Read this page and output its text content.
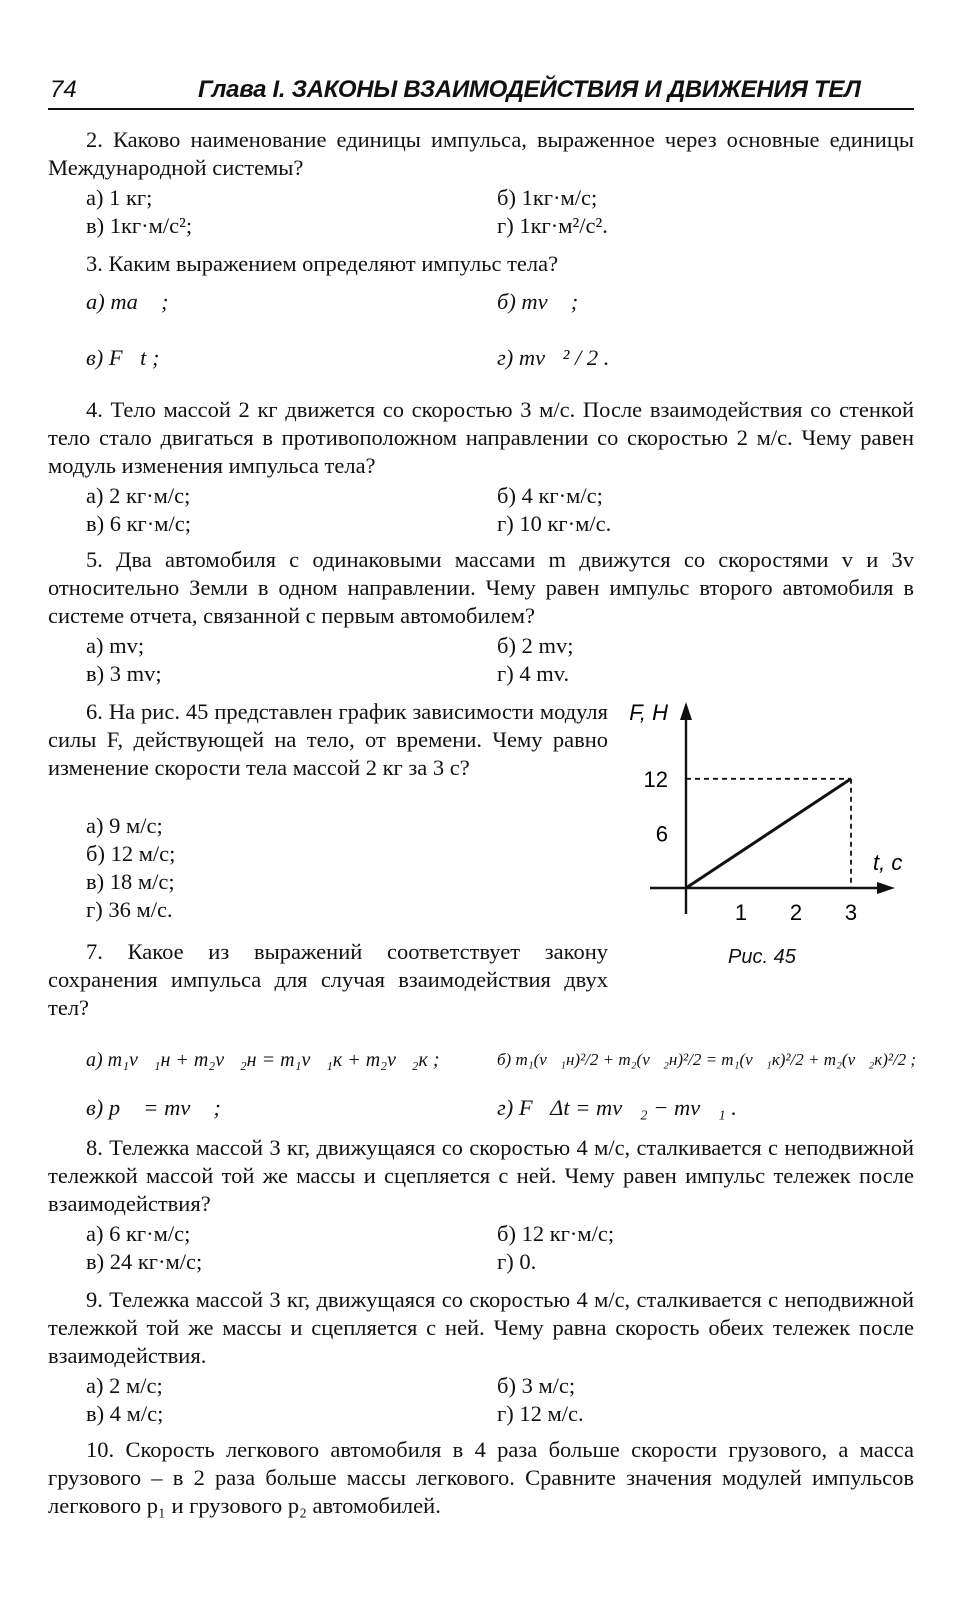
74	Глава I. ЗАКОНЫ ВЗАИМОДЕЙСТВИЯ И ДВИЖЕНИЯ ТЕЛ
2. Каково наименование единицы импульса, выраженное через основные единицы Международной системы?
а) 1 кг;	б) 1кг·м/с;
в) 1кг·м/с²;	г) 1кг·м²/с².
3. Каким выражением определяют импульс тела?
а) ma⃗ ;	б) mv⃗ ;
в) F⃗t ;	г) mv⃗² / 2 .
4. Тело массой 2 кг движется со скоростью 3 м/с. После взаимодействия со стенкой тело стало двигаться в противоположном направлении со скоростью 2 м/с. Чему равен модуль изменения импульса тела?
а) 2 кг·м/с;	б) 4 кг·м/с;
в) 6 кг·м/с;	г) 10 кг·м/с.
5. Два автомобиля с одинаковыми массами m движутся со скоростями v и 3v относительно Земли в одном направлении. Чему равен импульс второго автомобиля в системе отчета, связанной с первым автомобилем?
а) mv;	б) 2 mv;
в) 3 mv;	г) 4 mv.
6. На рис. 45 представлен график зависимости модуля силы F, действующей на тело, от времени. Чему равно изменение скорости тела массой 2 кг за 3 с?
а) 9 м/с;
б) 12 м/с;
в) 18 м/с;
г) 36 м/с.
6
12
1 2 3
F, Н
t, с
Рис. 45
7. Какое из выражений соответствует закону сохранения импульса для случая взаимодействия двух тел?
а) m₁v⃗₁н + m₂v⃗₂н = m₁v⃗₁к + m₂v⃗₂к ;	б) m₁(v⃗₁н)²/2 + m₂(v⃗₂н)²/2 = m₁(v⃗₁к)²/2 + m₂(v⃗₂к)²/2 ;
в) p⃗ = mv⃗ ;	г) F⃗Δt = mv⃗₂ − mv⃗₁ .
8. Тележка массой 3 кг, движущаяся со скоростью 4 м/с, сталкивается с неподвижной тележкой массой той же массы и сцепляется с ней. Чему равен импульс тележек после взаимодействия?
а) 6 кг·м/с;	б) 12 кг·м/с;
в) 24 кг·м/с;	г) 0.
9. Тележка массой 3 кг, движущаяся со скоростью 4 м/с, сталкивается с неподвижной тележкой той же массы и сцепляется с ней. Чему равна скорость обеих тележек после взаимодействия.
а) 2 м/с;	б) 3 м/с;
в) 4 м/с;	г) 12 м/с.
10. Скорость легкового автомобиля в 4 раза больше скорости грузового, а масса грузового – в 2 раза больше массы легкового. Сравните значения модулей импульсов легкового p₁ и грузового p₂ автомобилей.
